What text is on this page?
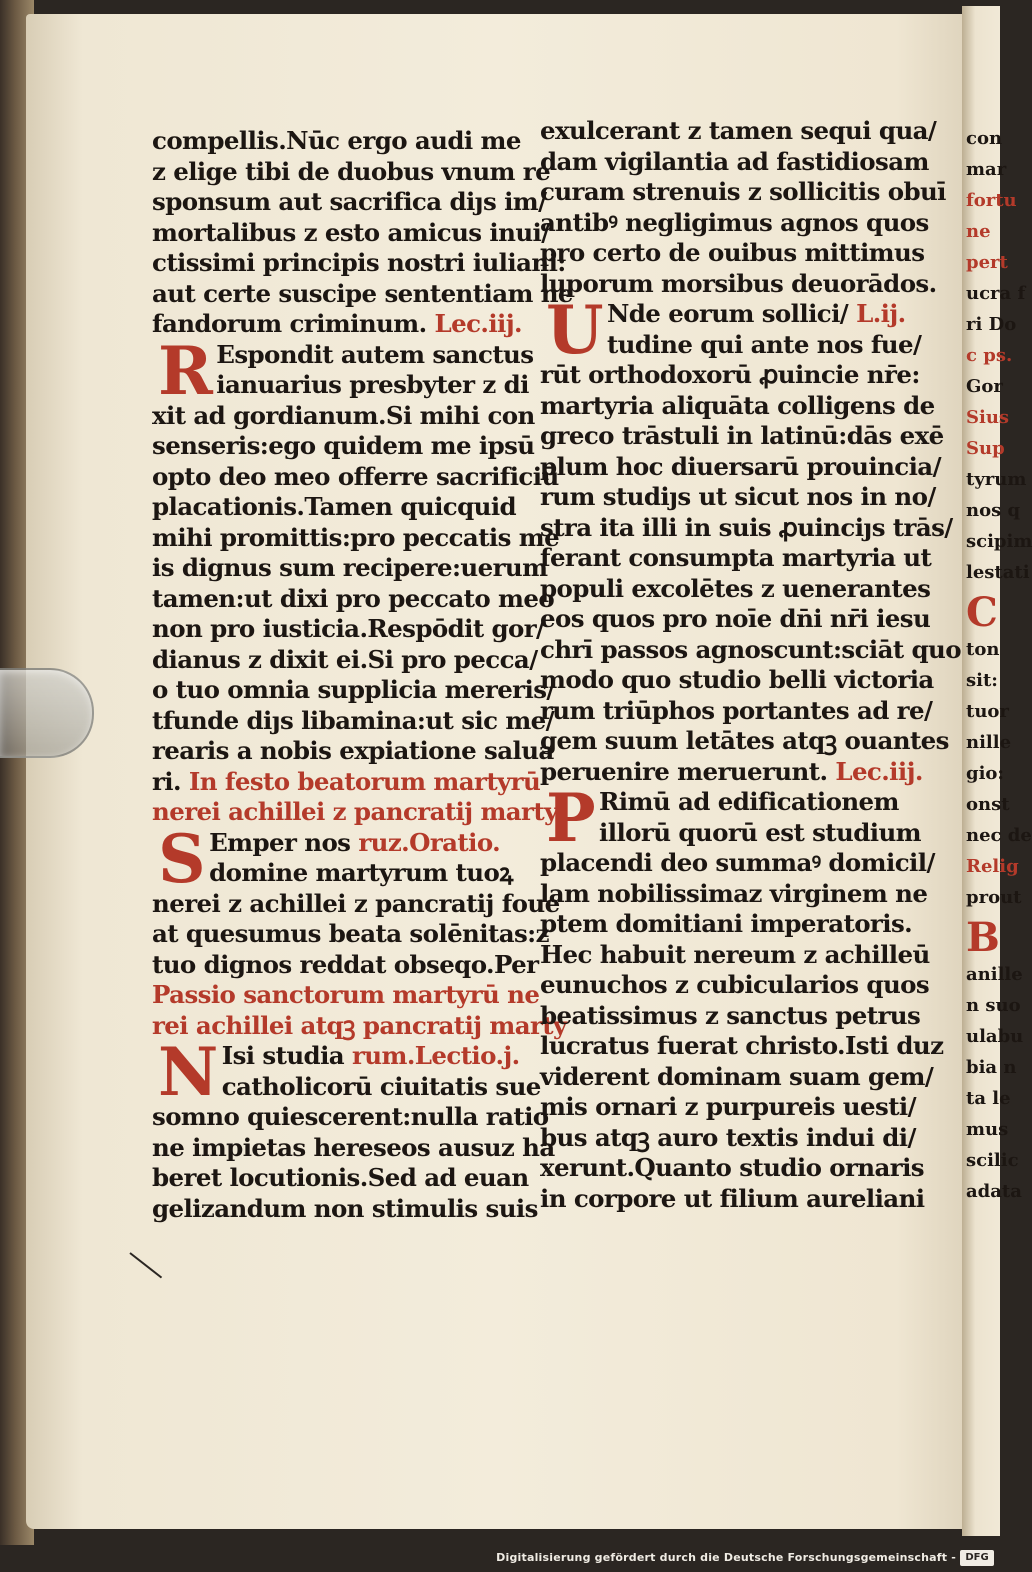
con
mar
fortu
ne
pert
ucra f
ri Do
c ps.
Gor
Sius
Sup
tyrum
nos q
scipim
lestati
C
ton
sit:
tuor
nille
gio:
onst
nec de
Relig
prout
B
anille
n suo
ulabu
bia n
ta le
mus
scilic
adata
compellis.Nūc ergo audi me
z elige tibi de duobus vnum re
sponsum aut sacrifica diȷs im/
mortalibus z esto amicus inui/
ctissimi principis nostri iuliani:
aut certe suscipe sententiam ne
fandorum criminum. Lec.iij.
R Espondit autem sanctus
ianuarius presbyter z di
xit ad gordianum.Si mihi con
senseris:ego quidem me ipsū
opto deo meo offerre sacrificiū
placationis.Tamen quicquid
mihi promittis:pro peccatis me
is dignus sum recipere:uerum
tamen:ut dixi pro peccato meo
non pro iusticia.Respōdit gor/
dianus z dixit ei.Si pro pecca/
o tuo omnia supplicia mereris/
tfunde diȷs libamina:ut sic me/
rearis a nobis expiatione salua
ri. In festo beatorum martyrū
nerei achillei z pancratij marty
S Emper nos ruz.Oratio.
domine martyrum tuoꝝ
nerei z achillei z pancratij foue
at quesumus beata solēnitas:z
tuo dignos reddat obseqo.Per
Passio sanctorum martyrū ne
rei achillei atqꝫ pancratij marty
N Isi studia rum.Lectio.j.
catholicorū ciuitatis sue
somno quiescerent:nulla ratio
ne impietas hereseos ausuz ha
beret locutionis.Sed ad euan
gelizandum non stimulis suis
exulcerant z tamen sequi qua/
dam vigilantia ad fastidiosam
curam strenuis z sollicitis obuī
antibꝰ negligimus agnos quos
pro certo de ouibus mittimus
luporum morsibus deuorādos.
U Nde eorum sollici/ L.ij.
tudine qui ante nos fue/
rūt orthodoxorū ꝓuincie nr̄e:
martyria aliquāta colligens de
greco trāstuli in latinū:dās exē
plum hoc diuersarū prouincia/
rum studiȷs ut sicut nos in no/
stra ita illi in suis ꝓuinciȷs trās/
ferant consumpta martyria ut
populi excolētes z uenerantes
eos quos pro noīe dn̄i nr̄i iesu
chrī passos agnoscunt:sciāt quo
modo quo studio belli victoria
rum triūphos portantes ad re/
gem suum letātes atqꝫ ouantes
peruenire meruerunt. Lec.iij.
P Rimū ad edificationem
illorū quorū est studium
placendi deo summaꝰ domicil/
lam nobilissimaz virginem ne
ptem domitiani imperatoris.
Hec habuit nereum z achilleū
eunuchos z cubicularios quos
beatissimus z sanctus petrus
lucratus fuerat christo.Isti duz
viderent dominam suam gem/
mis ornari z purpureis uesti/
bus atqꝫ auro textis indui di/
xerunt.Quanto studio ornaris
in corpore ut filium aureliani
Digitalisierung gefördert durch die Deutsche Forschungsgemeinschaft - DFG
